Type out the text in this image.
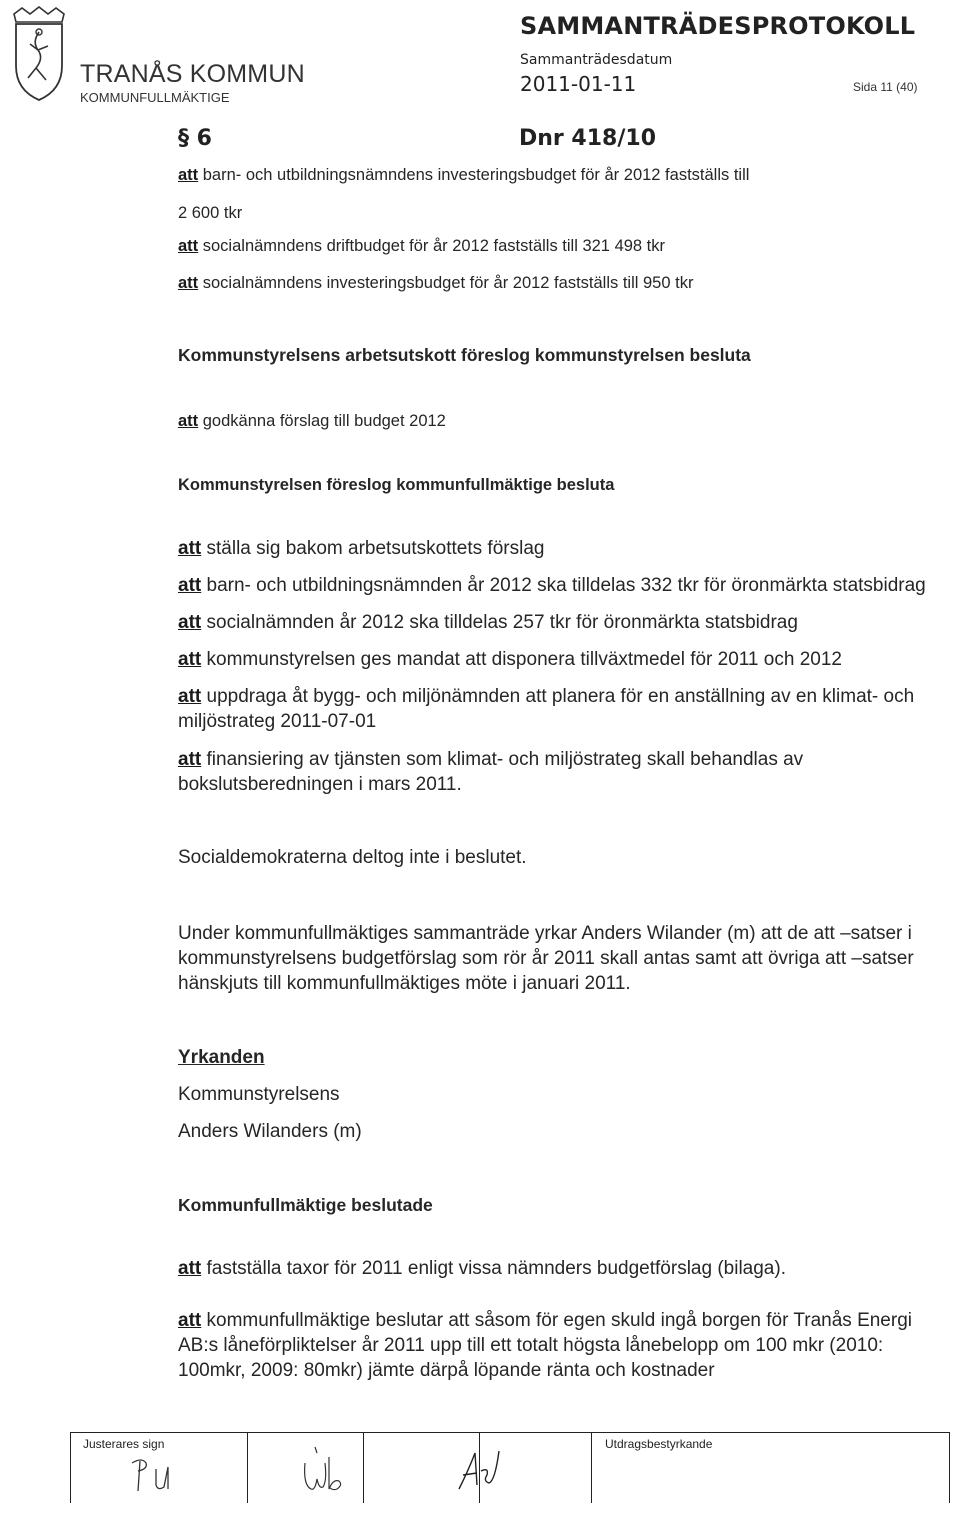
TRANÅS KOMMUN
KOMMUNFULLMÄKTIGE
SAMMANTRÄDESPROTOKOLL
Sammanträdesdatum
2011-01-11	Sida 11 (40)
§ 6	Dnr 418/10
att barn- och utbildningsnämndens investeringsbudget för år 2012 fastställs till
2 600 tkr
att socialnämndens driftbudget för år 2012 fastställs till 321 498 tkr
att socialnämndens investeringsbudget för år 2012 fastställs till 950 tkr
Kommunstyrelsens arbetsutskott föreslog kommunstyrelsen besluta
att godkänna förslag till budget 2012
Kommunstyrelsen föreslog kommunfullmäktige besluta
att ställa sig bakom arbetsutskottets förslag
att barn- och utbildningsnämnden år 2012 ska tilldelas 332 tkr för öronmärkta statsbidrag
att socialnämnden år 2012 ska tilldelas 257 tkr för öronmärkta statsbidrag
att kommunstyrelsen ges mandat att disponera tillväxtmedel för 2011 och 2012
att uppdraga åt bygg- och miljönämnden att planera för en anställning av en klimat- och
miljöstrateg 2011-07-01
att finansiering av tjänsten som klimat- och miljöstrateg skall behandlas av
bokslutsberedningen i mars 2011.
Socialdemokraterna deltog inte i beslutet.
Under kommunfullmäktiges sammanträde yrkar Anders Wilander (m) att de att –satser i
kommunstyrelsens budgetförslag som rör år 2011 skall antas samt att övriga att –satser
hänskjuts till kommunfullmäktiges möte i januari 2011.
Yrkanden
Kommunstyrelsens
Anders Wilanders (m)
Kommunfullmäktige beslutade
att fastställa taxor för 2011 enligt vissa nämnders budgetförslag (bilaga).
att kommunfullmäktige beslutar att såsom för egen skuld ingå borgen för Tranås Energi
AB:s låneförpliktelser år 2011 upp till ett totalt högsta lånebelopp om 100 mkr (2010:
100mkr, 2009: 80mkr) jämte därpå löpande ränta och kostnader
Justerares sign	Utdragsbestyrkande
